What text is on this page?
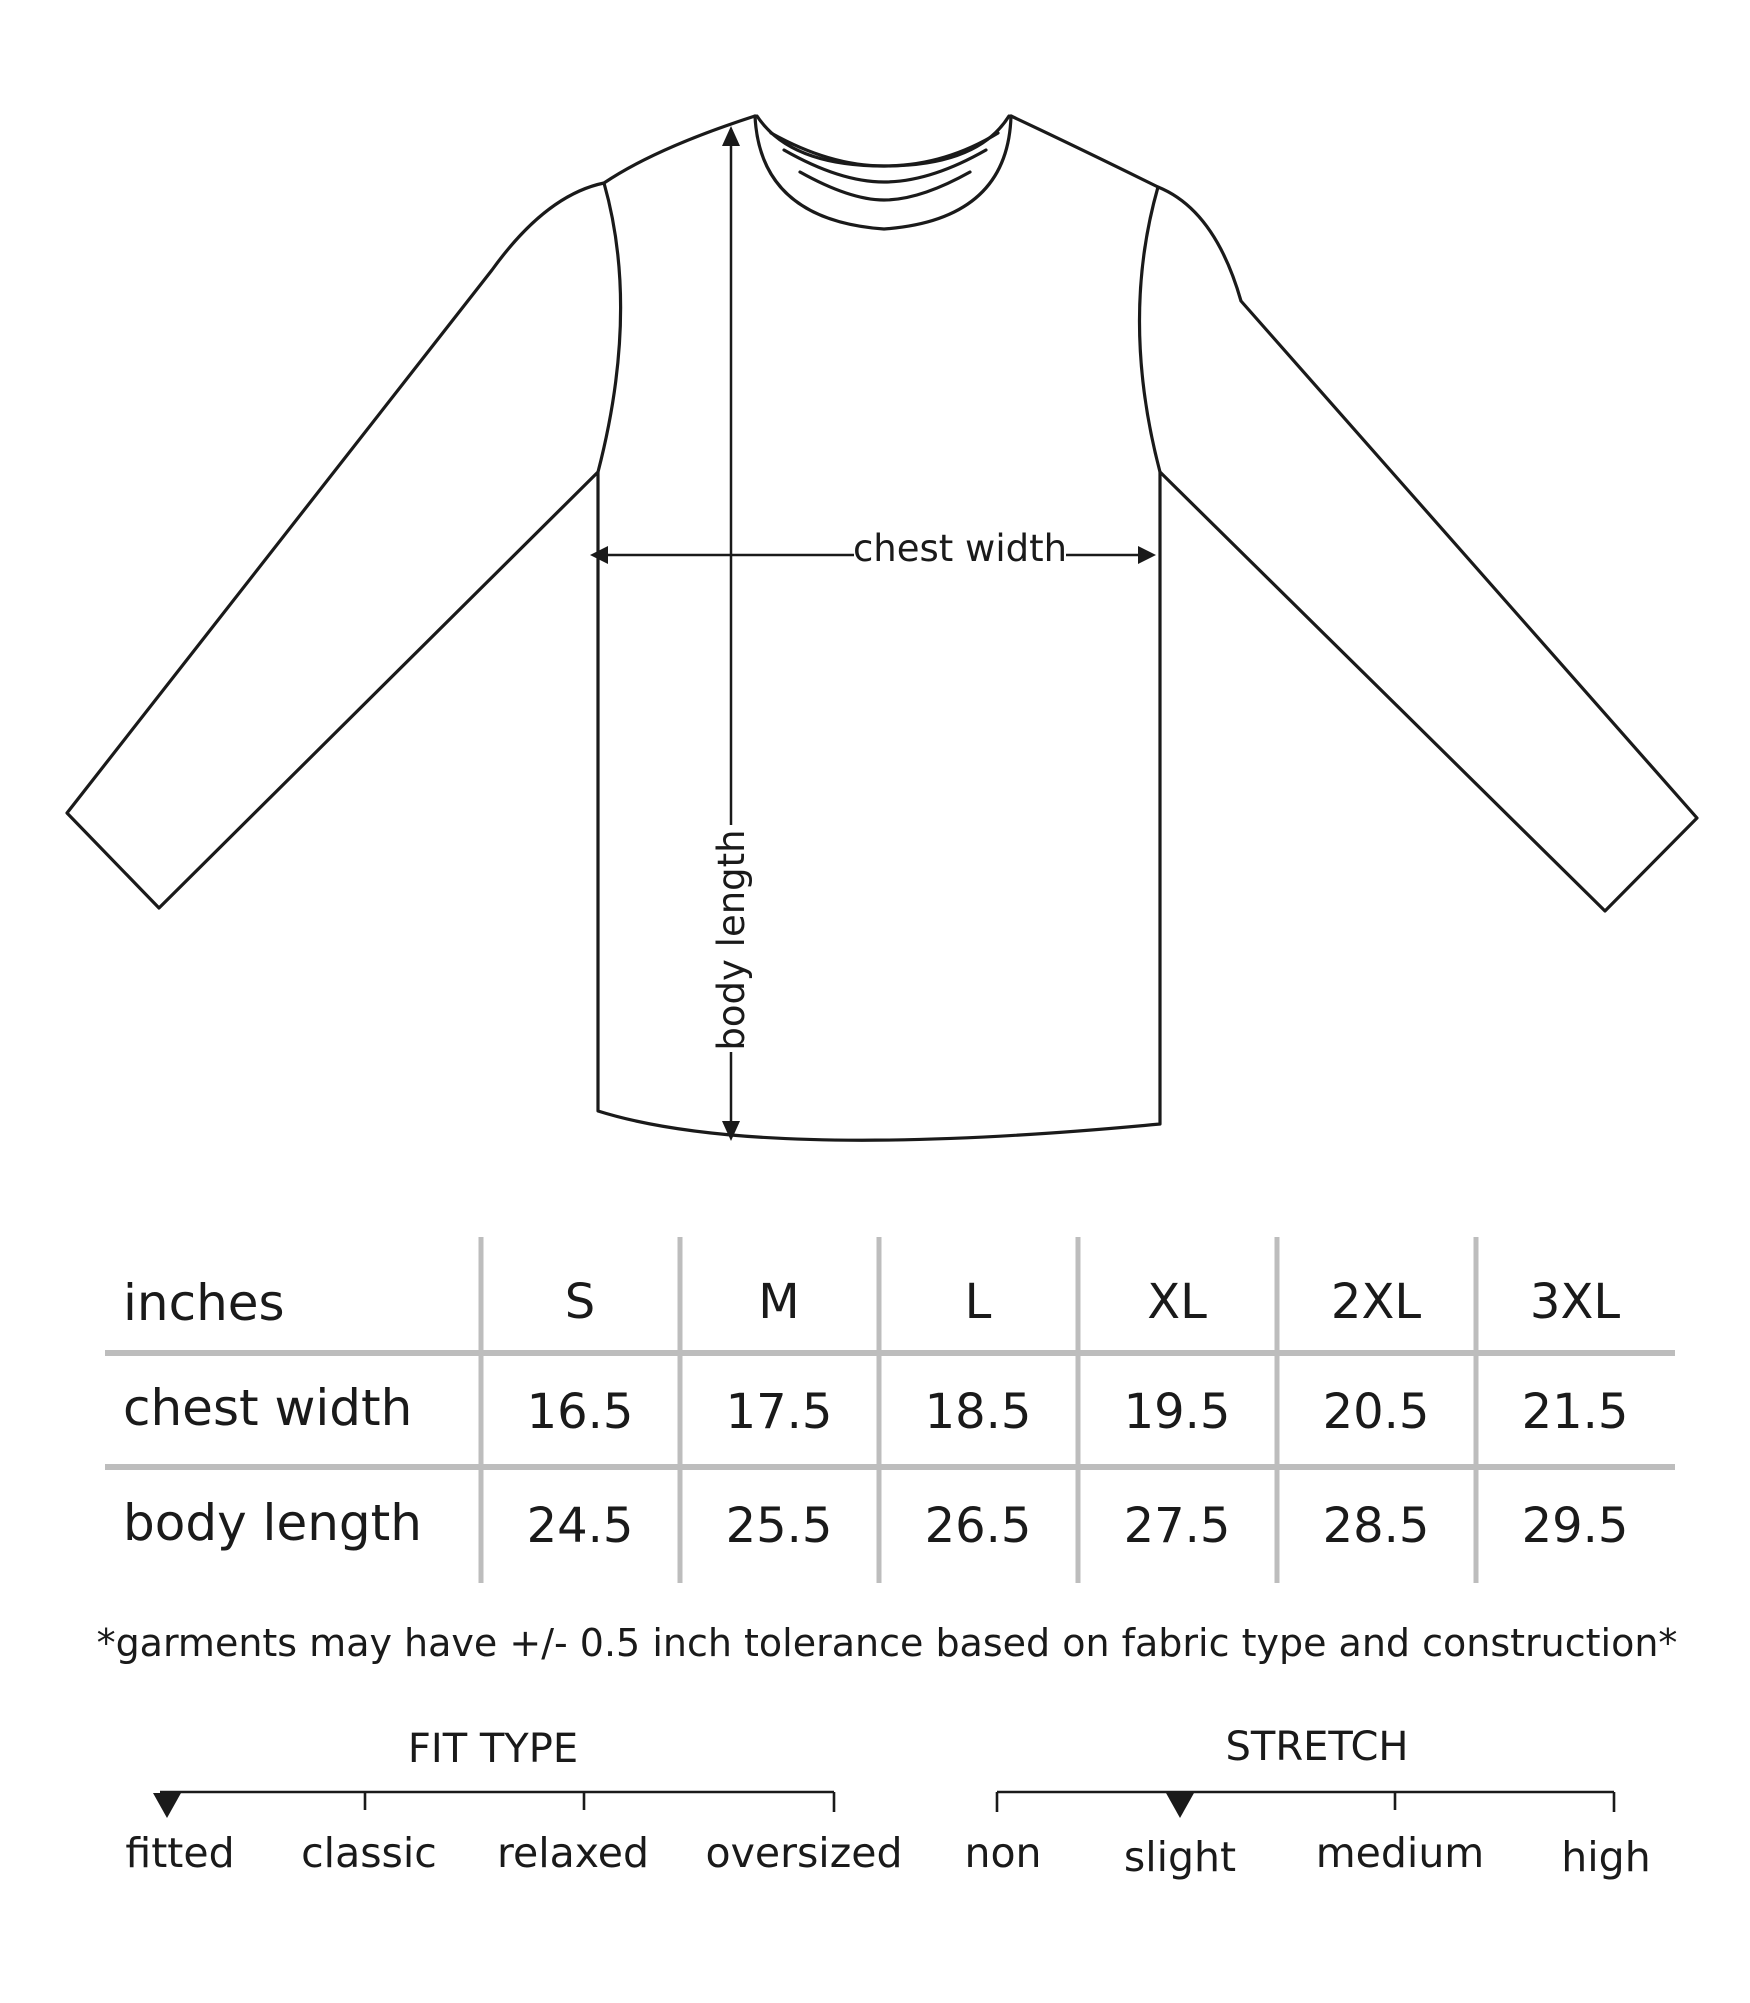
body length
chest width
inches	S	M	L	XL	2XL 3XL
chest width 16.5 17.5 18.5 19.5 20.5 21.5
body length 24.5 25.5 26.5 27.5 28.5 29.5
*garments may have +/- 0.5 inch tolerance based on fabric type and construction*
FIT TYPE
fitted classic relaxed oversized
STRETCH
non slight medium high
